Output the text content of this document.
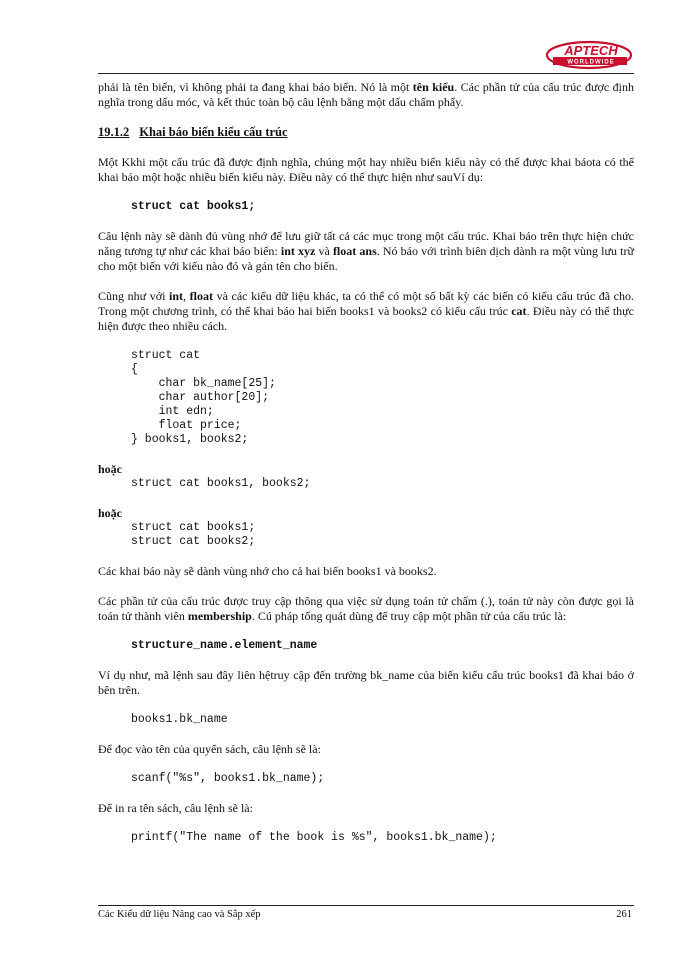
APTECH
WORLDWIDE

phải là tên biến, vì không phải ta đang khai báo biến. Nó là một tên kiểu. Các phần tử của cấu trúc được định nghĩa trong dấu móc, và kết thúc toàn bộ câu lệnh bằng một dấu chấm phẩy.

19.1.2 Khai báo biến kiểu cấu trúc

Một Kkhi một cấu trúc đã được định nghĩa, chúng một hay nhiều biến kiểu này có thể được khai báota có thể khai báo một hoặc nhiều biến kiểu này. Điều này có thể thực hiện như sauVí dụ:

struct cat books1;

Câu lệnh này sẽ dành đủ vùng nhớ để lưu giữ tất cả các mục trong một cấu trúc. Khai báo trên thực hiện chức năng tương tự như các khai báo biến: int xyz và float ans. Nó báo với trình biên dịch dành ra một vùng lưu trữ cho một biến với kiểu nào đó và gán tên cho biến.

Cũng như với int, float và các kiểu dữ liệu khác, ta có thể có một số bất kỳ các biến có kiểu cấu trúc đã cho. Trong một chương trình, có thể khai báo hai biến books1 và books2 có kiểu cấu trúc cat. Điều này có thể thực hiện được theo nhiều cách.

struct cat
{
char bk_name[25];
char author[20];
int edn;
float price;
} books1, books2;

hoặc

struct cat books1, books2;

hoặc

struct cat books1;
struct cat books2;

Các khai báo này sẽ dành vùng nhớ cho cả hai biến books1 và books2.

Các phần tử của cấu trúc được truy cập thông qua việc sử dụng toán tử chấm (.), toán tử này còn được gọi là toán tử thành viên membership. Cú pháp tổng quát dùng để truy cập một phần tử của cấu trúc là:

structure_name.element_name

Ví dụ như, mã lệnh sau đây liên hệtruy cập đến trường bk_name của biến kiểu cấu trúc books1 đã khai báo ở bên trên.

books1.bk_name

Để đọc vào tên của quyển sách, câu lệnh sẽ là:

scanf("%s", books1.bk_name);

Để in ra tên sách, câu lệnh sẽ là:

printf("The name of the book is %s", books1.bk_name);
Các Kiểu dữ liệu Nâng cao và Sắp xếp	261
